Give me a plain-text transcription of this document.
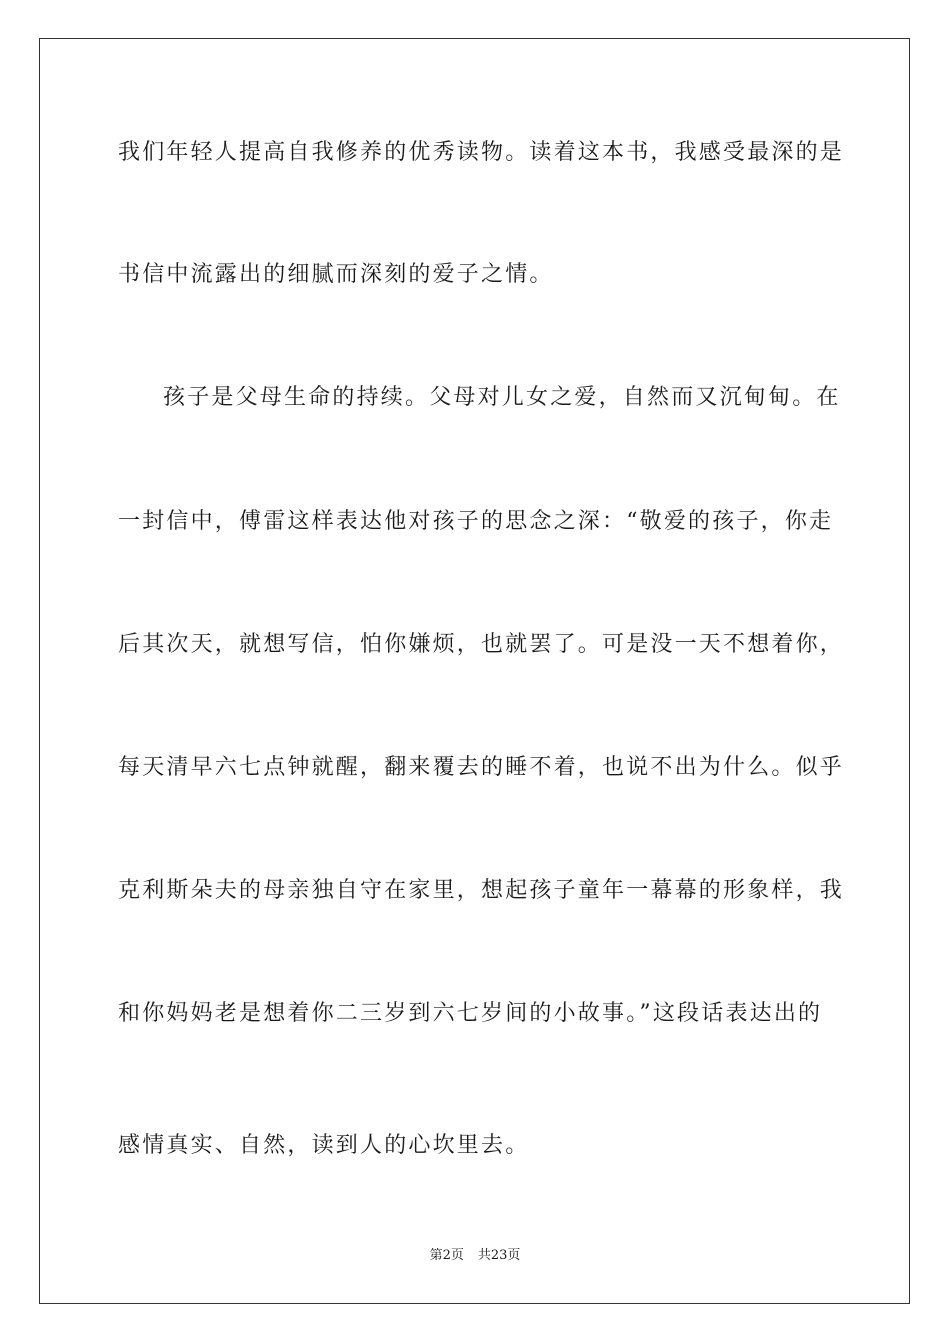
我们年轻人提高自我修养的优秀读物。读着这本书，我感受最深的是
书信中流露出的细腻而深刻的爱子之情。
孩子是父母生命的持续。父母对儿女之爱，自然而又沉甸甸。在
一封信中，傅雷这样表达他对孩子的思念之深：“敬爱的孩子，你走
后其次天，就想写信，怕你嫌烦，也就罢了。可是没一天不想着你，
每天清早六七点钟就醒，翻来覆去的睡不着，也说不出为什么。似乎
克利斯朵夫的母亲独自守在家里，想起孩子童年一幕幕的形象样，我
和你妈妈老是想着你二三岁到六七岁间的小故事。”这段话表达出的
感情真实、自然，读到人的心坎里去。
第2页 共23页
